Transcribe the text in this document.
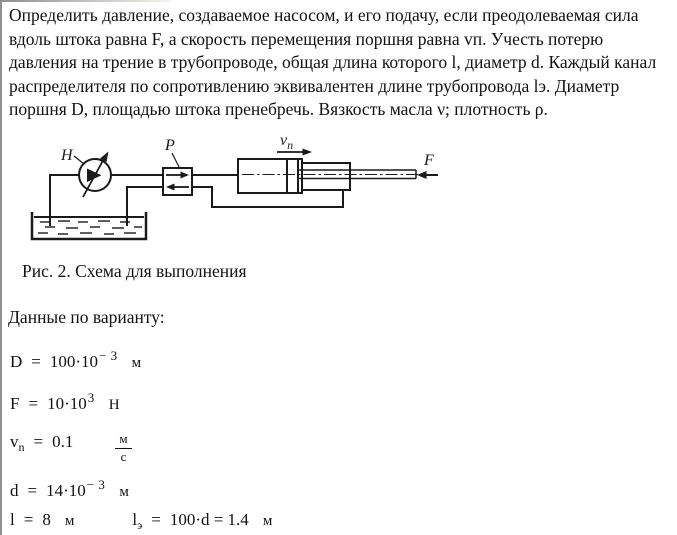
Определить давление, создаваемое насосом, и его подачу, если преодолеваемая сила вдоль штока равна F, а скорость перемещения поршня равна vп. Учесть потерю давления на трение в трубопроводе, общая длина которого l, диаметр d. Каждый канал распределителя по сопротивлению эквивалентен длине трубопровода lэ. Диаметр поршня D, площадью штока пренебречь. Вязкость масла ν; плотность ρ.

Н
Р	$v_n$
F
Рис. 2. Схема для выполнения
Данные по варианту:
$D = 100\cdot 10^{- 3}$ м
$F = 10\cdot 10^3$ Н
$v_n = 0.1$	$\frac{м}{с}$
$d = 14\cdot 10^{- 3}$ м
l = 8 м	$l_э = 100\cdot d = 1.4$ м
